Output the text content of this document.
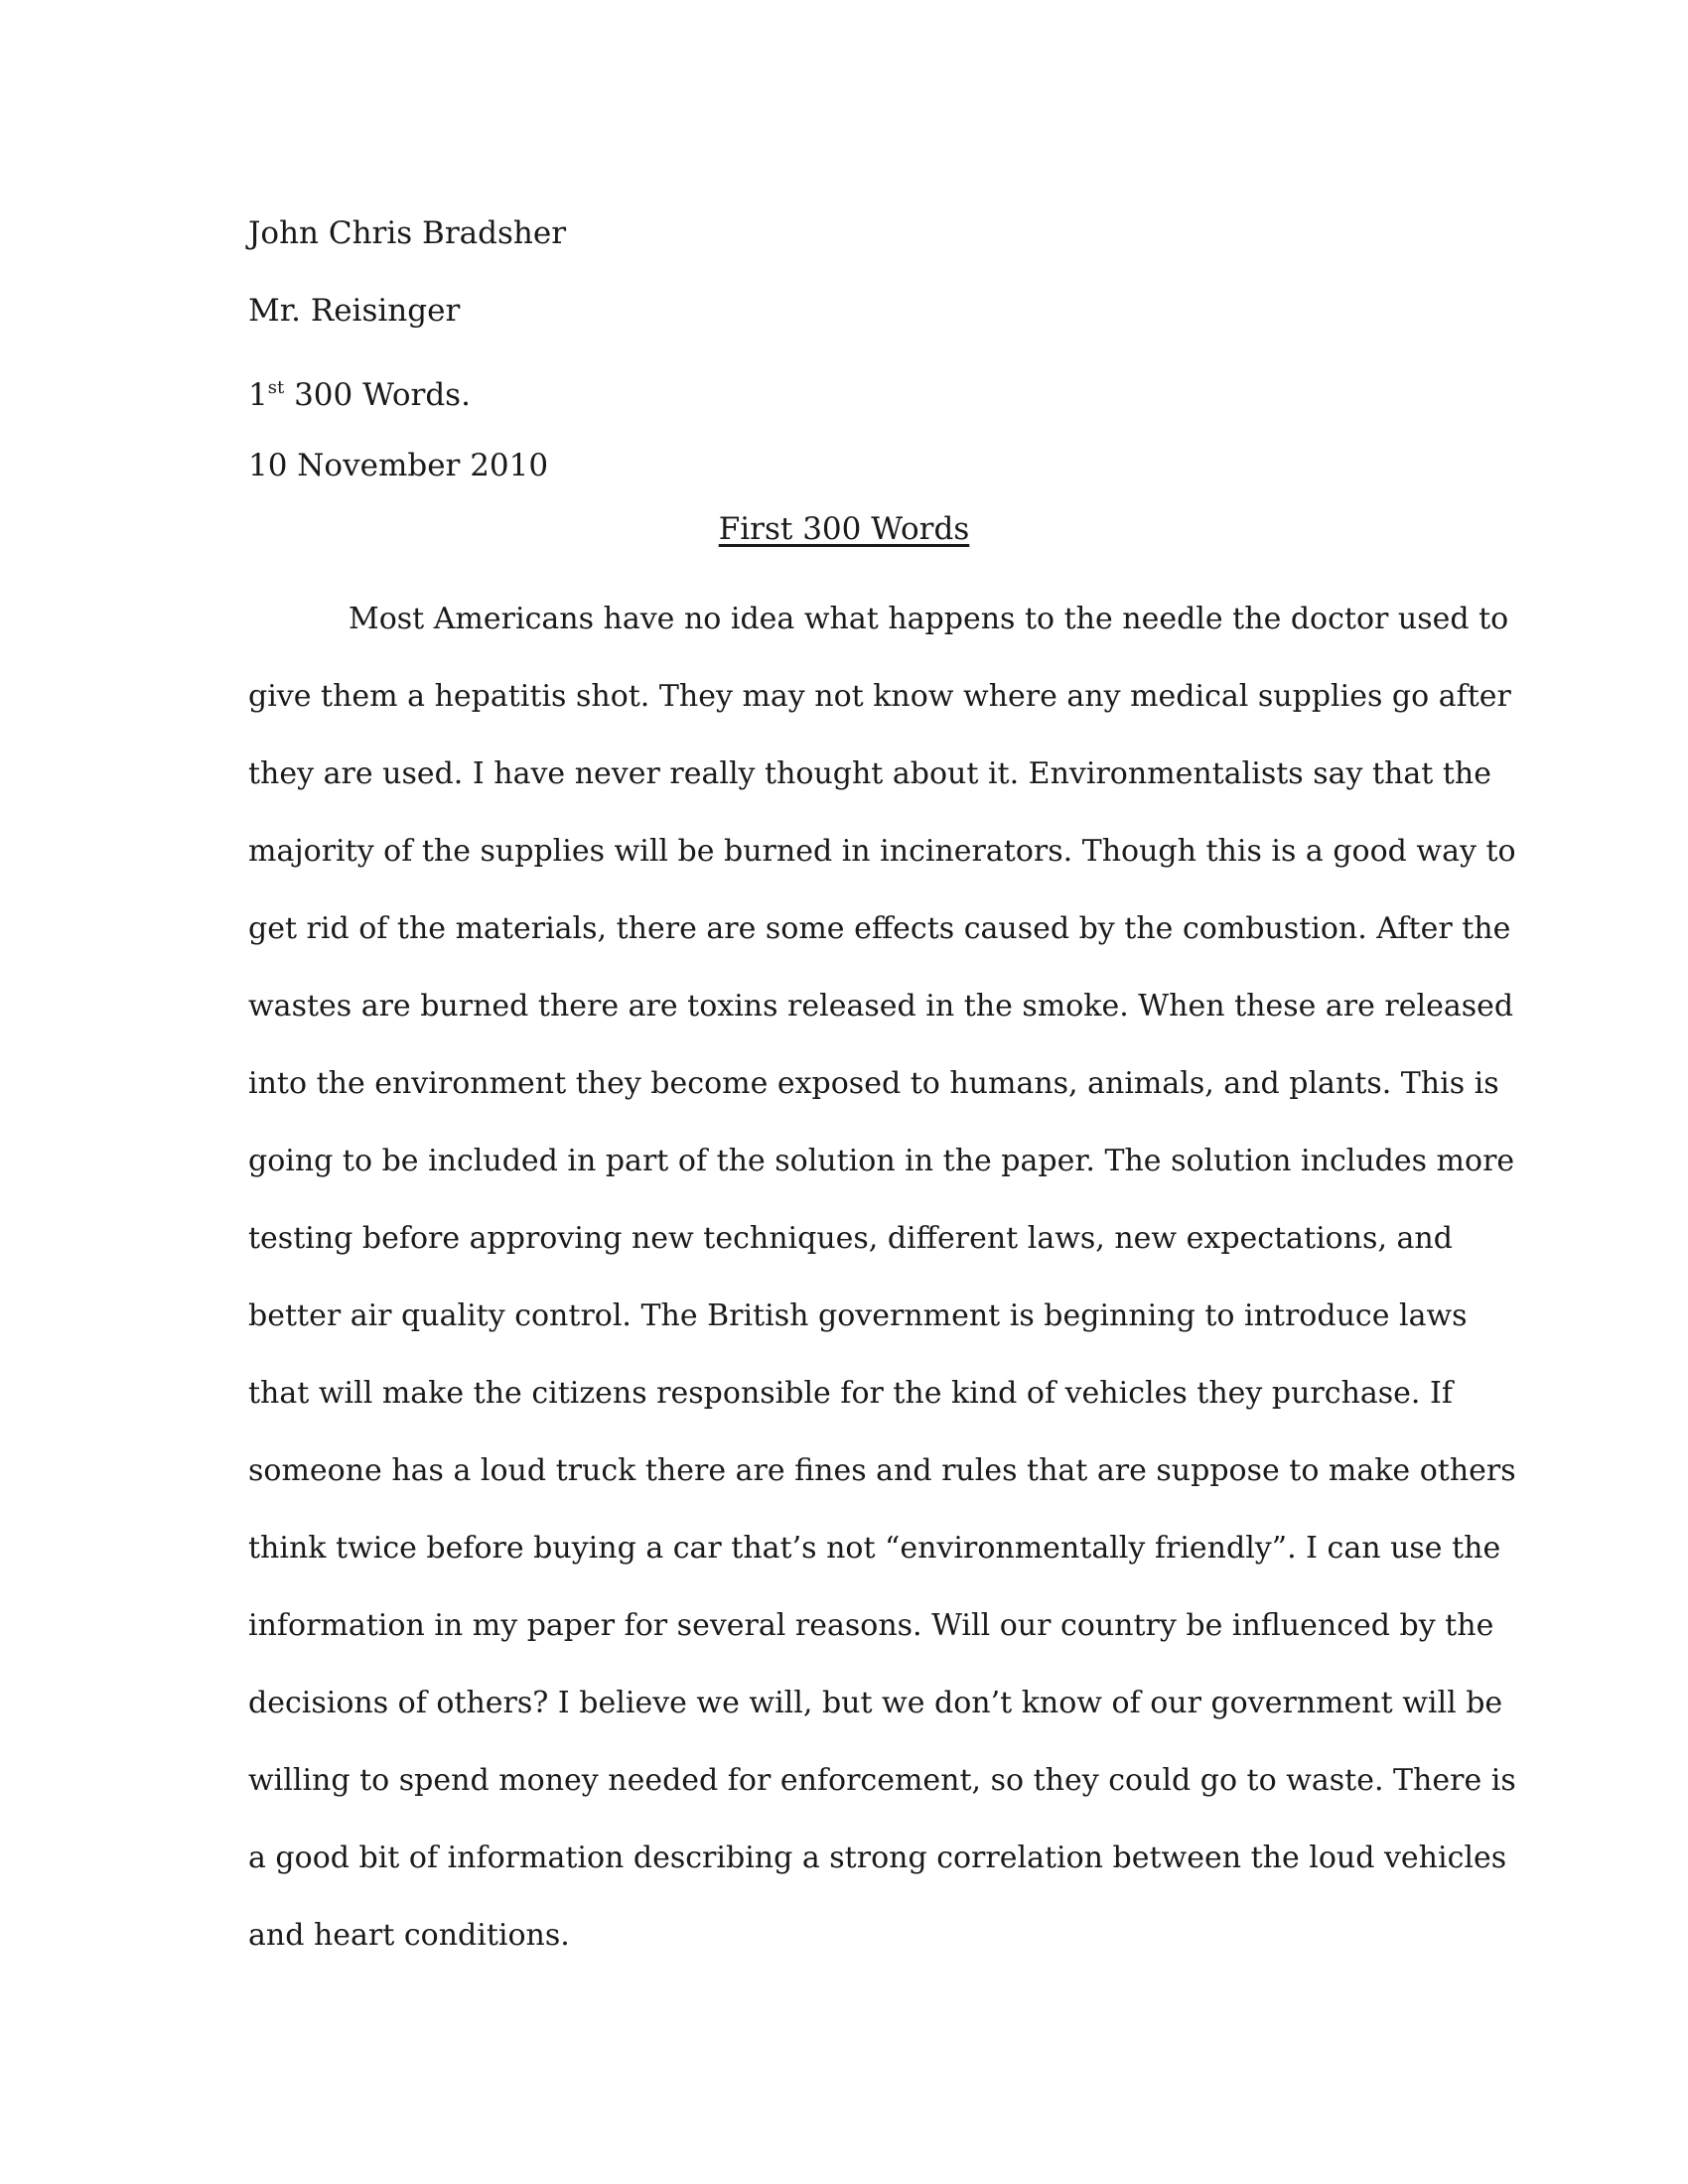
John Chris Bradsher
Mr. Reisinger
1st 300 Words.
10 November 2010
First 300 Words
Most Americans have no idea what happens to the needle the doctor used to
give them a hepatitis shot. They may not know where any medical supplies go after
they are used. I have never really thought about it. Environmentalists say that the
majority of the supplies will be burned in incinerators. Though this is a good way to
get rid of the materials, there are some effects caused by the combustion. After the
wastes are burned there are toxins released in the smoke. When these are released
into the environment they become exposed to humans, animals, and plants. This is
going to be included in part of the solution in the paper. The solution includes more
testing before approving new techniques, different laws, new expectations, and
better air quality control. The British government is beginning to introduce laws
that will make the citizens responsible for the kind of vehicles they purchase. If
someone has a loud truck there are fines and rules that are suppose to make others
think twice before buying a car that’s not “environmentally friendly”. I can use the
information in my paper for several reasons. Will our country be influenced by the
decisions of others? I believe we will, but we don’t know of our government will be
willing to spend money needed for enforcement, so they could go to waste. There is
a good bit of information describing a strong correlation between the loud vehicles
and heart conditions.
